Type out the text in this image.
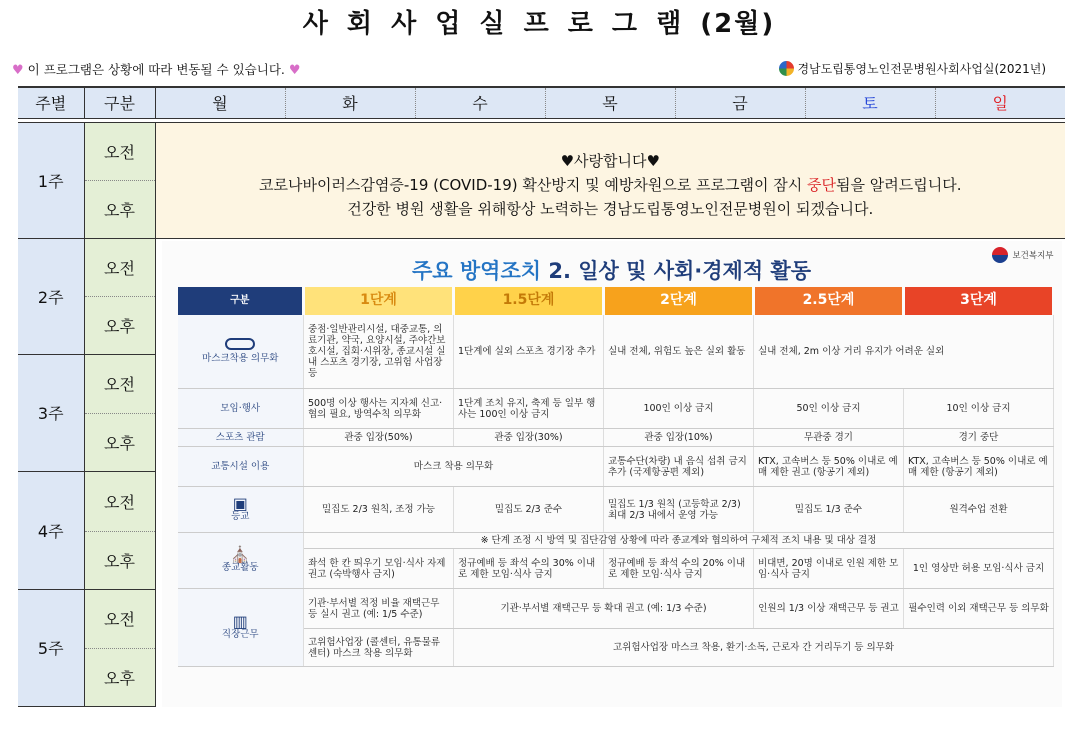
사 회 사 업 실 프 로 그 램 (2월)
♥ 이 프로그램은 상황에 따라 변동될 수 있습니다. ♥	경남도립통영노인전문병원사회사업실(2021년)
주별	구분	월	화	수	목	금	토	일

1주	오전	♥사랑합니다♥

코로나바이러스감염증-19 (COVID-19) 확산방지 및 예방차원으로 프로그램이 잠시 중단됨을 알려드립니다.

건강한 병원 생활을 위해항상 노력하는 경남도립통영노인전문병원이 되겠습니다.

오후
2주	오전	
보건복지부
주요 방역조치 2. 일상 및 사회·경제적 활동
구분	1단계	1.5단계	2단계	2.5단계	3단계

마스크착용 의무화	중점·일반관리시설, 대중교통, 의료기관, 약국, 요양시설, 주야간보호시설, 집회·시위장, 종교시설 실내 스포츠 경기장, 고위험 사업장 등	1단계에 실외 스포츠 경기장 추가	실내 전체, 위험도 높은 실외 활동	실내 전체, 2m 이상 거리 유지가 어려운 실외
모임·행사	500명 이상 행사는 지자체 신고·협의 필요, 방역수칙 의무화	1단계 조치 유지, 축제 등 일부 행사는 100인 이상 금지	100인 이상 금지	50인 이상 금지	10인 이상 금지
스포츠 관람	관중 입장(50%)	관중 입장(30%)	관중 입장(10%)	무관중 경기	경기 중단
교통시설 이용	마스크 착용 의무화	교통수단(차량) 내 음식 섭취 금지 추가 (국제항공편 제외)	KTX, 고속버스 등 50% 이내로 예매 제한 권고 (항공기 제외)	KTX, 고속버스 등 50% 이내로 예매 제한 (항공기 제외)

▣
등교	밀집도 2/3 원칙, 조정 가능	밀집도 2/3 준수	밀집도 1/3 원칙 (고등학교 2/3) 최대 2/3 내에서 운영 가능	밀집도 1/3 준수	원격수업 전환

⛪
종교활동	※ 단계 조정 시 방역 및 집단감염 상황에 따라 종교계와 협의하여 구체적 조치 내용 및 대상 결정
좌석 한 칸 띄우기 모임·식사 자제 권고 (숙박행사 금지)	정규예배 등 좌석 수의 30% 이내로 제한 모임·식사 금지	정규예배 등 좌석 수의 20% 이내로 제한 모임·식사 금지	비대면, 20명 이내로 인원 제한 모임·식사 금지	1인 영상만 허용 모임·식사 금지

▥
직장근무	기관·부서별 적정 비율 재택근무 등 실시 권고 (예: 1/5 수준)	기관·부서별 재택근무 등 확대 권고 (예: 1/3 수준)	인원의 1/3 이상 재택근무 등 권고	필수인력 이외 재택근무 등 의무화
고위험사업장 (콜센터, 유통물류센터) 마스크 착용 의무화	고위험사업장 마스크 착용, 환기·소독, 근로자 간 거리두기 등 의무화

오후
3주	오전
오후
4주	오전
오후
5주	오전
오후
